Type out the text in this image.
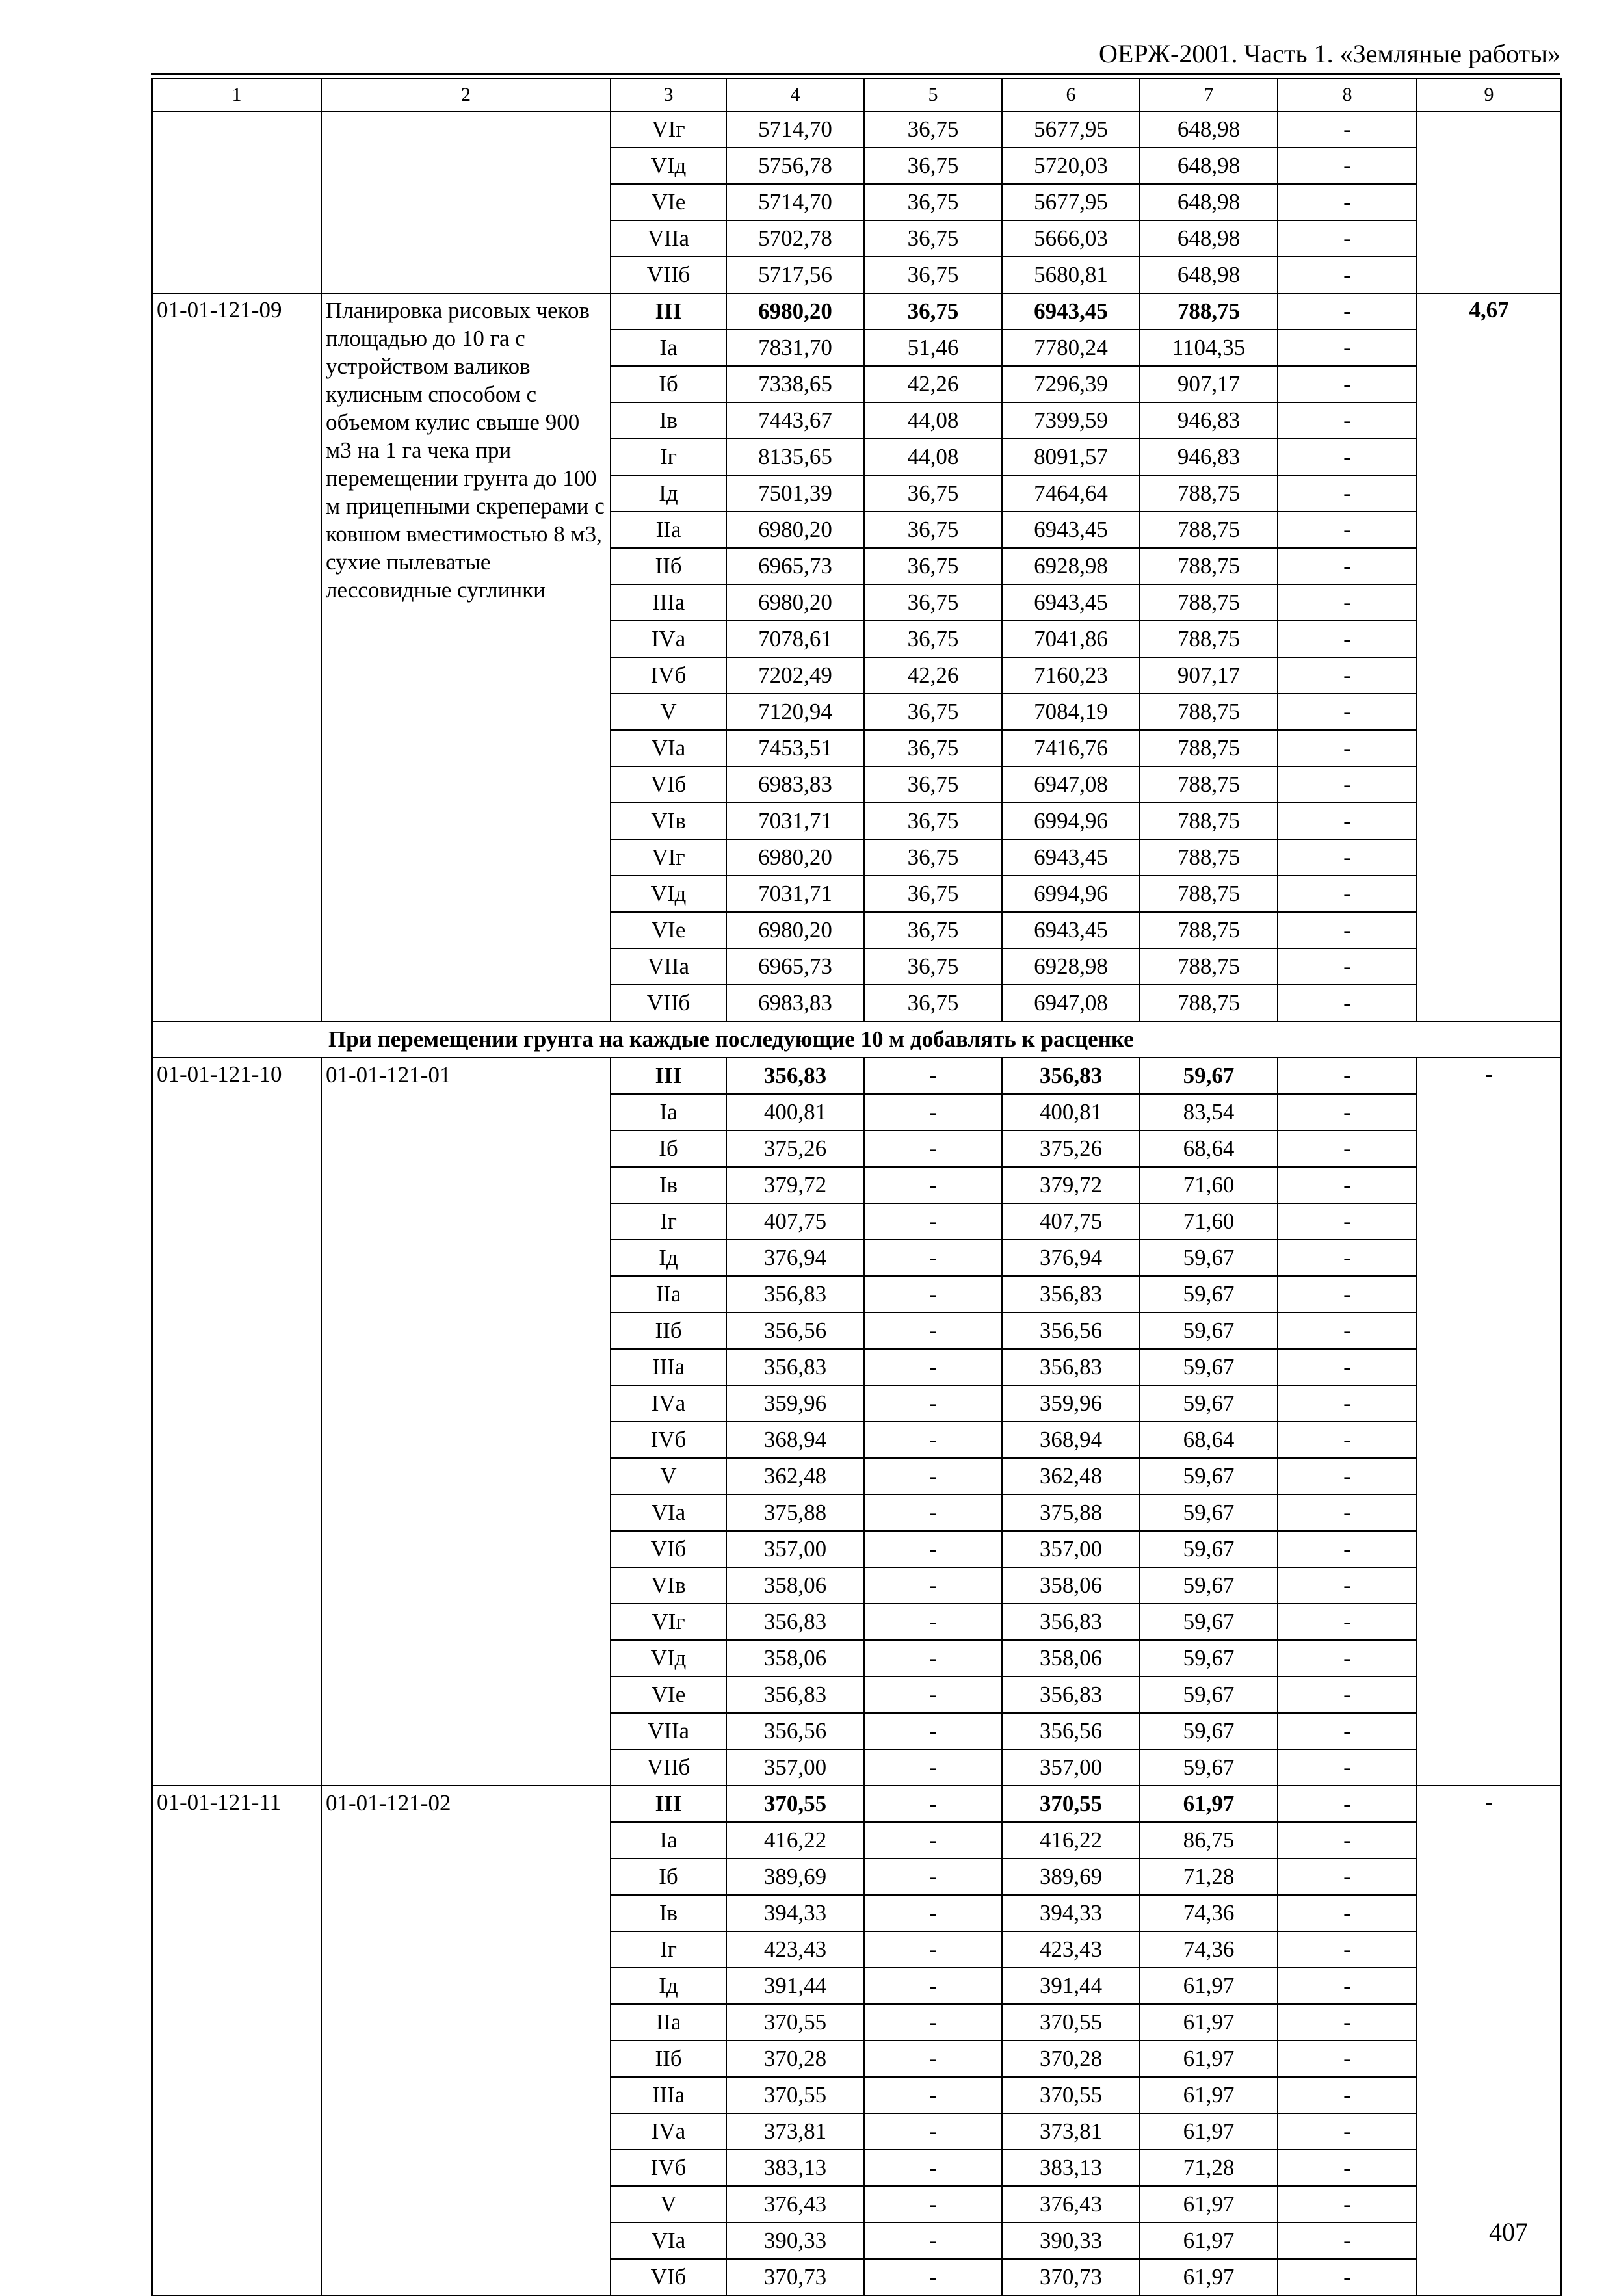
ОЕРЖ-2001. Часть 1. «Земляные работы»
1	2	3	4	5	6	7	8	9
		VIг	5714,70	36,75	5677,95	648,98	-	
		VIд	5756,78	36,75	5720,03	648,98	-	
		VIе	5714,70	36,75	5677,95	648,98	-	
		VIIа	5702,78	36,75	5666,03	648,98	-	
		VIIб	5717,56	36,75	5680,81	648,98	-	
01-01-121-09	Планировка рисовых чеков площадью до 10 га с устройством валиков кулисным способом с объемом кулис свыше 900 м3 на 1 га чека при перемещении грунта до 100 м прицепными скреперами с ковшом вместимостью 8 м3, сухие пылеватые лессовидные суглинки	III	6980,20	36,75	6943,45	788,75	-	4,67
		Iа	7831,70	51,46	7780,24	1104,35	-	
		Iб	7338,65	42,26	7296,39	907,17	-	
		Iв	7443,67	44,08	7399,59	946,83	-	
		Iг	8135,65	44,08	8091,57	946,83	-	
		Iд	7501,39	36,75	7464,64	788,75	-	
		IIа	6980,20	36,75	6943,45	788,75	-	
		IIб	6965,73	36,75	6928,98	788,75	-	
		IIIа	6980,20	36,75	6943,45	788,75	-	
		IVа	7078,61	36,75	7041,86	788,75	-	
		IVб	7202,49	42,26	7160,23	907,17	-	
		V	7120,94	36,75	7084,19	788,75	-	
		VIа	7453,51	36,75	7416,76	788,75	-	
		VIб	6983,83	36,75	6947,08	788,75	-	
		VIв	7031,71	36,75	6994,96	788,75	-	
		VIг	6980,20	36,75	6943,45	788,75	-	
		VIд	7031,71	36,75	6994,96	788,75	-	
		VIе	6980,20	36,75	6943,45	788,75	-	
		VIIа	6965,73	36,75	6928,98	788,75	-	
		VIIб	6983,83	36,75	6947,08	788,75	-	
При перемещении грунта на каждые последующие 10 м добавлять к расценке								
01-01-121-10	01-01-121-01	III	356,83	-	356,83	59,67	-	-
		Iа	400,81	-	400,81	83,54	-	
		Iб	375,26	-	375,26	68,64	-	
		Iв	379,72	-	379,72	71,60	-	
		Iг	407,75	-	407,75	71,60	-	
		Iд	376,94	-	376,94	59,67	-	
		IIа	356,83	-	356,83	59,67	-	
		IIб	356,56	-	356,56	59,67	-	
		IIIа	356,83	-	356,83	59,67	-	
		IVа	359,96	-	359,96	59,67	-	
		IVб	368,94	-	368,94	68,64	-	
		V	362,48	-	362,48	59,67	-	
		VIа	375,88	-	375,88	59,67	-	
		VIб	357,00	-	357,00	59,67	-	
		VIв	358,06	-	358,06	59,67	-	
		VIг	356,83	-	356,83	59,67	-	
		VIд	358,06	-	358,06	59,67	-	
		VIе	356,83	-	356,83	59,67	-	
		VIIа	356,56	-	356,56	59,67	-	
		VIIб	357,00	-	357,00	59,67	-	
01-01-121-11	01-01-121-02	III	370,55	-	370,55	61,97	-	-
		Iа	416,22	-	416,22	86,75	-	
		Iб	389,69	-	389,69	71,28	-	
		Iв	394,33	-	394,33	74,36	-	
		Iг	423,43	-	423,43	74,36	-	
		Iд	391,44	-	391,44	61,97	-	
		IIа	370,55	-	370,55	61,97	-	
		IIб	370,28	-	370,28	61,97	-	
		IIIа	370,55	-	370,55	61,97	-	
		IVа	373,81	-	373,81	61,97	-	
		IVб	383,13	-	383,13	71,28	-	
		V	376,43	-	376,43	61,97	-	
		VIа	390,33	-	390,33	61,97	-	
		VIб	370,73	-	370,73	61,97	-	
407
